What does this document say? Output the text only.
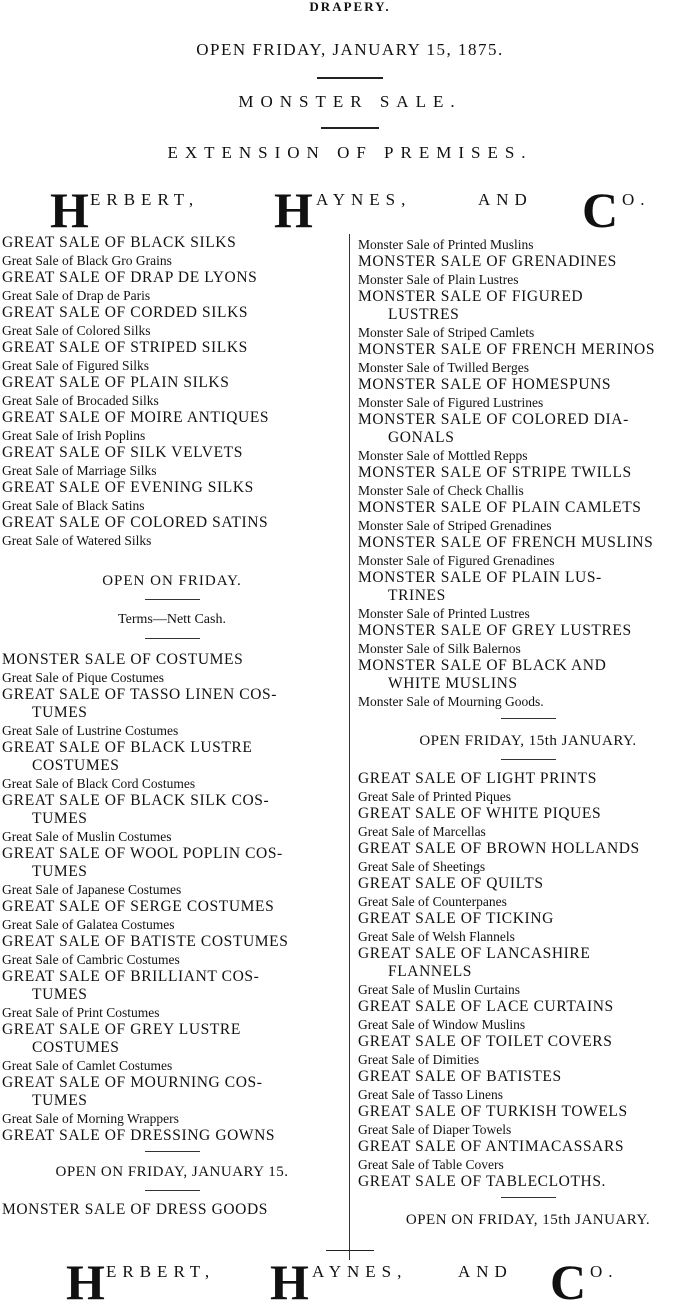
DRAPERY.
OPEN FRIDAY, JANUARY 15, 1875.
MONSTER SALE.
EXTENSION OF PREMISES.
H ERBERT, H AYNES,	AND C O.
GREAT SALE OF BLACK SILKS
Great Sale of Black Gro Grains
GREAT SALE OF DRAP DE LYONS
Great Sale of Drap de Paris
GREAT SALE OF CORDED SILKS
Great Sale of Colored Silks
GREAT SALE OF STRIPED SILKS
Great Sale of Figured Silks
GREAT SALE OF PLAIN SILKS
Great Sale of Brocaded Silks
GREAT SALE OF MOIRE ANTIQUES
Great Sale of Irish Poplins
GREAT SALE OF SILK VELVETS
Great Sale of Marriage Silks
GREAT SALE OF EVENING SILKS
Great Sale of Black Satins
GREAT SALE OF COLORED SATINS
Great Sale of Watered Silks
OPEN ON FRIDAY.
Terms—Nett Cash.
MONSTER SALE OF COSTUMES
Great Sale of Pique Costumes
GREAT SALE OF TASSO LINEN COS-
TUMES
Great Sale of Lustrine Costumes
GREAT SALE OF BLACK LUSTRE
COSTUMES
Great Sale of Black Cord Costumes
GREAT SALE OF BLACK SILK COS-
TUMES
Great Sale of Muslin Costumes
GREAT SALE OF WOOL POPLIN COS-
TUMES
Great Sale of Japanese Costumes
GREAT SALE OF SERGE COSTUMES
Great Sale of Galatea Costumes
GREAT SALE OF BATISTE COSTUMES
Great Sale of Cambric Costumes
GREAT SALE OF BRILLIANT COS-
TUMES
Great Sale of Print Costumes
GREAT SALE OF GREY LUSTRE
COSTUMES
Great Sale of Camlet Costumes
GREAT SALE OF MOURNING COS-
TUMES
Great Sale of Morning Wrappers
GREAT SALE OF DRESSING GOWNS
OPEN ON FRIDAY, JANUARY 15.
MONSTER SALE OF DRESS GOODS
Monster Sale of Printed Muslins
MONSTER SALE OF GRENADINES
Monster Sale of Plain Lustres
MONSTER SALE OF FIGURED
LUSTRES
Monster Sale of Striped Camlets
MONSTER SALE OF FRENCH MERINOS
Monster Sale of Twilled Berges
MONSTER SALE OF HOMESPUNS
Monster Sale of Figured Lustrines
MONSTER SALE OF COLORED DIA-
GONALS
Monster Sale of Mottled Repps
MONSTER SALE OF STRIPE TWILLS
Monster Sale of Check Challis
MONSTER SALE OF PLAIN CAMLETS
Monster Sale of Striped Grenadines
MONSTER SALE OF FRENCH MUSLINS
Monster Sale of Figured Grenadines
MONSTER SALE OF PLAIN LUS-
TRINES
Monster Sale of Printed Lustres
MONSTER SALE OF GREY LUSTRES
Monster Sale of Silk Balernos
MONSTER SALE OF BLACK AND
WHITE MUSLINS
Monster Sale of Mourning Goods.
OPEN FRIDAY, 15th JANUARY.
GREAT SALE OF LIGHT PRINTS
Great Sale of Printed Piques
GREAT SALE OF WHITE PIQUES
Great Sale of Marcellas
GREAT SALE OF BROWN HOLLANDS
Great Sale of Sheetings
GREAT SALE OF QUILTS
Great Sale of Counterpanes
GREAT SALE OF TICKING
Great Sale of Welsh Flannels
GREAT SALE OF LANCASHIRE
FLANNELS
Great Sale of Muslin Curtains
GREAT SALE OF LACE CURTAINS
Great Sale of Window Muslins
GREAT SALE OF TOILET COVERS
Great Sale of Dimities
GREAT SALE OF BATISTES
Great Sale of Tasso Linens
GREAT SALE OF TURKISH TOWELS
Great Sale of Diaper Towels
GREAT SALE OF ANTIMACASSARS
Great Sale of Table Covers
GREAT SALE OF TABLECLOTHS.
OPEN ON FRIDAY, 15th JANUARY.
H ERBERT, H AYNES,	AND C O.
